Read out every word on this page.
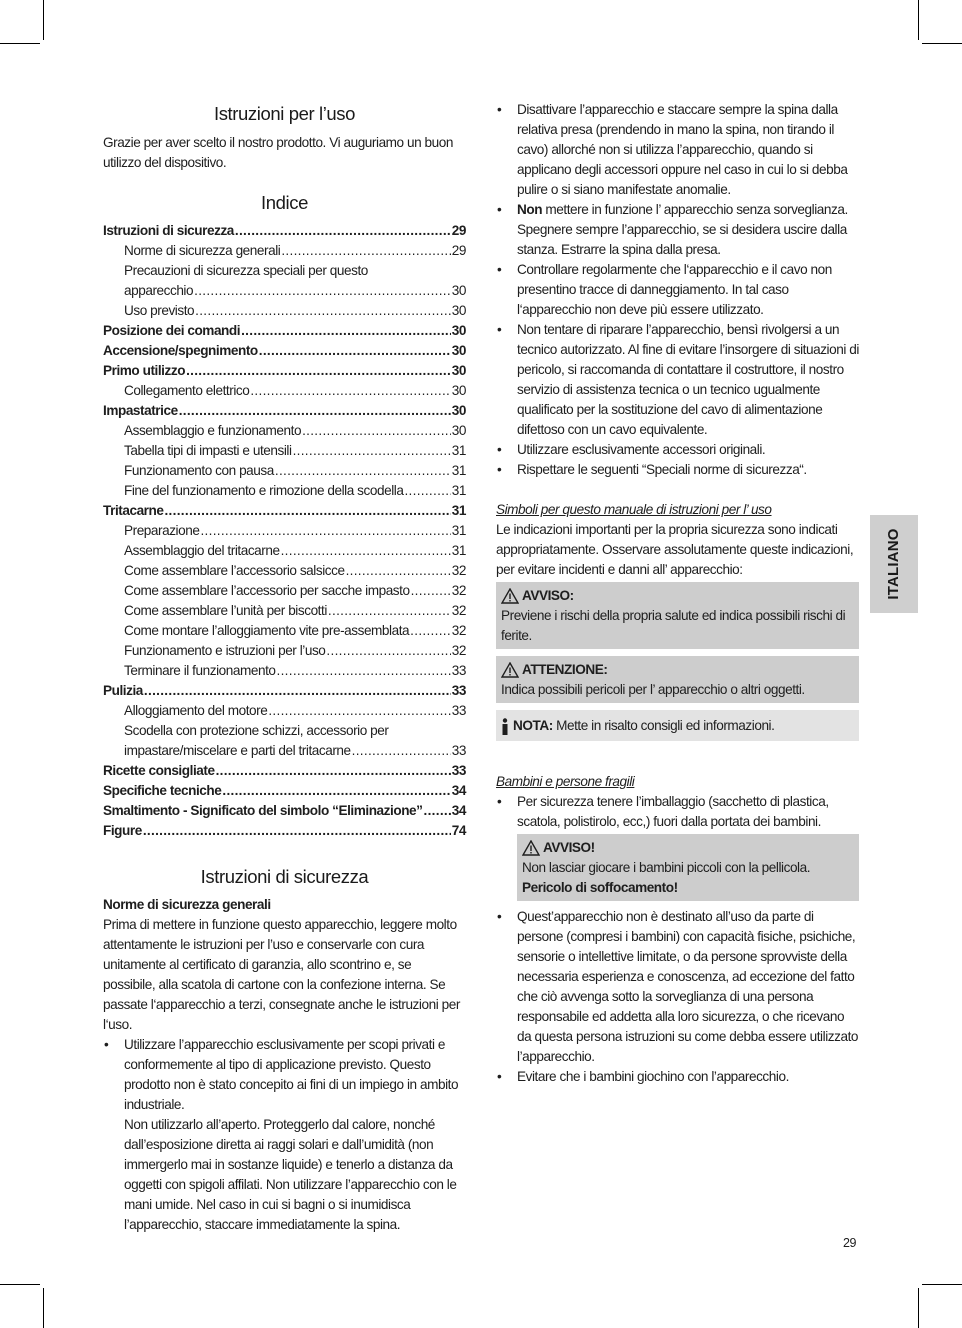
Istruzioni per l’uso

Grazie per aver scelto il nostro prodotto. Vi auguriamo un buon utilizzo del dispositivo.

Indice
Istruzioni di sicurezza .....	29
Norme di sicurezza generali .....	29
Precauzioni di sicurezza speciali per questo
apparecchio .....	30
Uso previsto .....	30
Posizione dei comandi .....	30
Accensione/spegnimento .....	30
Primo utilizzo .....	30
Collegamento elettrico .....	30
Impastatrice .....	30
Assemblaggio e funzionamento .....	30
Tabella tipi di impasti e utensili .....	31
Funzionamento con pausa .....	31
Fine del funzionamento e rimozione della scodella .....	31
Tritacarne .....	31
Preparazione .....	31
Assemblaggio del tritacarne .....	31
Come assemblare l’accessorio salsicce .....	32
Come assemblare l’accessorio per sacche impasto .....	32
Come assemblare l’unità per biscotti .....	32
Come montare l’alloggiamento vite pre-assemblata .....	32
Funzionamento e istruzioni per l’uso .....	32
Terminare il funzionamento .....	33
Pulizia .....	33
Alloggiamento del motore .....	33
Scodella con protezione schizzi, accessorio per
impastare/miscelare e parti del tritacarne .....	33
Ricette consigliate .....	33
Specifiche tecniche .....	34
Smaltimento - Significato del simbolo “Eliminazione” ..... 34
Figure .....	74
Istruzioni di sicurezza

Norme di sicurezza generali

Prima di mettere in funzione questo apparecchio, leggere molto attentamente le istruzioni per l’uso e conservarle con cura unitamente al certificato di garanzia, allo scontrino e, se possibile, alla scatola di cartone con la confezione interna. Se passate l‘apparecchio a terzi, consegnate anche le istruzioni per l‘uso.

• Utilizzare l’apparecchio esclusivamente per scopi privati e conformemente al tipo di applicazione previsto. Questo prodotto non è stato concepito ai fini di un impiego in ambito industriale.
Non utilizzarlo all’aperto. Proteggerlo dal calore, nonché dall’esposizione diretta ai raggi solari e dall’umidità (non immergerlo mai in sostanze liquide) e tenerlo a distanza da oggetti con spigoli affilati. Non utilizzare l’apparecchio con le mani umide. Nel caso in cui si bagni o si inumidisca l’apparecchio, staccare immediatamente la spina.
• Disattivare l’apparecchio e staccare sempre la spina dalla relativa presa (prendendo in mano la spina, non tirando il cavo) allorché non si utilizza l’apparecchio, quando si applicano degli accessori oppure nel caso in cui lo si debba pulire o si siano manifestate anomalie.
• Non mettere in funzione l’ apparecchio senza sorveglianza. Spegnere sempre l’apparecchio, se si desidera uscire dalla stanza. Estrarre la spina dalla presa.
• Controllare regolarmente che l‘apparecchio e il cavo non presentino tracce di danneggiamento. In tal caso l‘apparecchio non deve più essere utilizzato.
• Non tentare di riparare l’apparecchio, bensì rivolgersi a un tecnico autorizzato. Al fine di evitare l’insorgere di situazioni di pericolo, si raccomanda di contattare il costruttore, il nostro servizio di assistenza tecnica o un tecnico ugualmente qualificato per la sostituzione del cavo di alimentazione difettoso con un cavo equivalente.
• Utilizzare esclusivamente accessori originali.
• Rispettare le seguenti “Speciali norme di sicurezza“.

Simboli per questo manuale di istruzioni per l’ uso

Le indicazioni importanti per la propria sicurezza sono indicati appropriatamente. Osservare assolutamente queste indicazioni, per evitare incidenti e danni all’ apparecchio:

AVVISO:
Previene i rischi della propria salute ed indica possibili rischi di ferite.
ATTENZIONE:
Indica possibili pericoli per l’ apparecchio o altri oggetti.
NOTA: Mette in risalto consigli ed informazioni.

Bambini e persone fragili

• Per sicurezza tenere l’imballaggio (sacchetto di plastica, scatola, polistirolo, ecc,) fuori dalla portata dei bambini.
AVVISO!
Non lasciar giocare i bambini piccoli con la pellicola. Pericolo di soffocamento!
• Quest’apparecchio non è destinato all’uso da parte di persone (compresi i bambini) con capacità fisiche, psichiche, sensorie o intellettive limitate, o da persone sprovviste della necessaria esperienza e conoscenza, ad eccezione del fatto che ciò avvenga sotto la sorveglianza di una persona responsabile ed addetta alla loro sicurezza, o che ricevano da questa persona istruzioni su come debba essere utilizzato l’apparecchio.
• Evitare che i bambini giochino con l’apparecchio.
ITALIANO
29
